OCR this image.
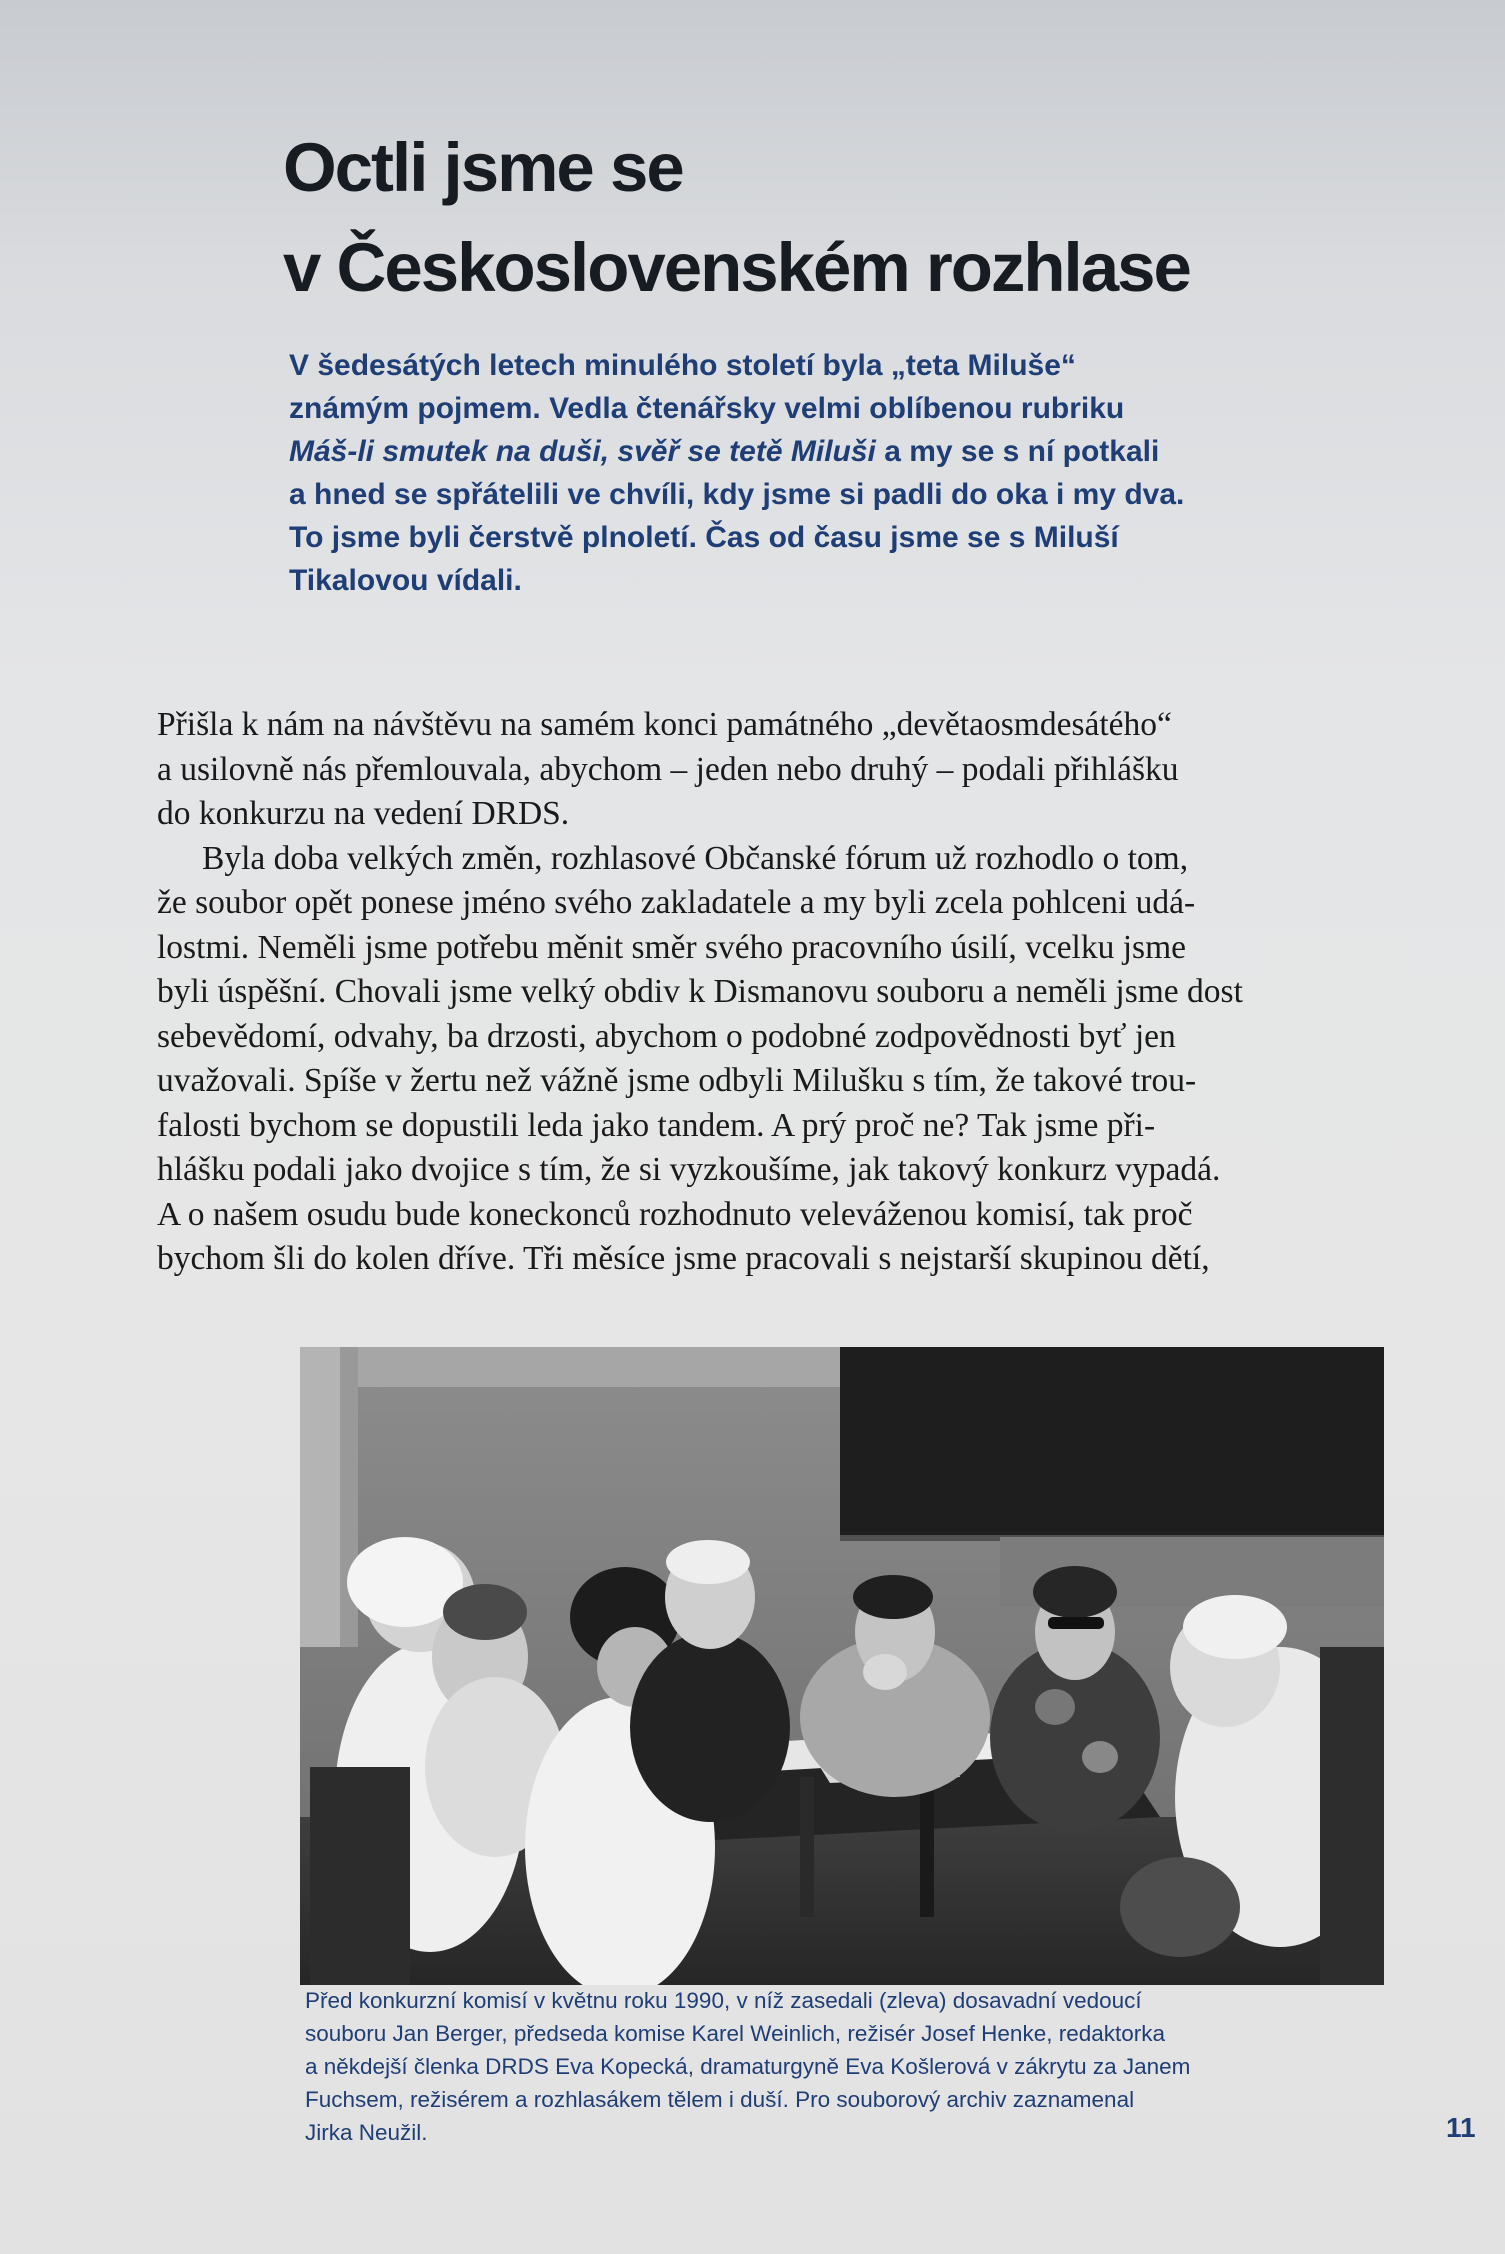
Octli jsme se
v Československém rozhlase

V šedesátých letech minulého století byla „teta Miluše“
známým pojmem. Vedla čtenářsky velmi oblíbenou rubriku
Máš-li smutek na duši, svěř se tetě Miluši a my se s ní potkali
a hned se spřátelili ve chvíli, kdy jsme si padli do oka i my dva.
To jsme byli čerstvě plnoletí. Čas od času jsme se s Miluší
Tikalovou vídali.

Přišla k nám na návštěvu na samém konci památného „devětaosmdesátého“
a usilovně nás přemlouvala, abychom – jeden nebo druhý – podali přihlášku
do konkurzu na vedení DRDS.
Byla doba velkých změn, rozhlasové Občanské fórum už rozhodlo o tom,
že soubor opět ponese jméno svého zakladatele a my byli zcela pohlceni udá-
lostmi. Neměli jsme potřebu měnit směr svého pracovního úsilí, vcelku jsme
byli úspěšní. Chovali jsme velký obdiv k Dismanovu souboru a neměli jsme dost
sebevědomí, odvahy, ba drzosti, abychom o podobné zodpovědnosti byť jen
uvažovali. Spíše v žertu než vážně jsme odbyli Milušku s tím, že takové trou-
falosti bychom se dopustili leda jako tandem. A prý proč ne? Tak jsme při-
hlášku podali jako dvojice s tím, že si vyzkoušíme, jak takový konkurz vypadá.
A o našem osudu bude koneckonců rozhodnuto veleváženou komisí, tak proč
bychom šli do kolen dříve. Tři měsíce jsme pracovali s nejstarší skupinou dětí,

Před konkurzní komisí v květnu roku 1990, v níž zasedali (zleva) dosavadní vedoucí
souboru Jan Berger, předseda komise Karel Weinlich, režisér Josef Henke, redaktorka
a někdejší členka DRDS Eva Kopecká, dramaturgyně Eva Košlerová v zákrytu za Janem
Fuchsem, režisérem a rozhlasákem tělem i duší. Pro souborový archiv zaznamenal
Jirka Neužil.	11
